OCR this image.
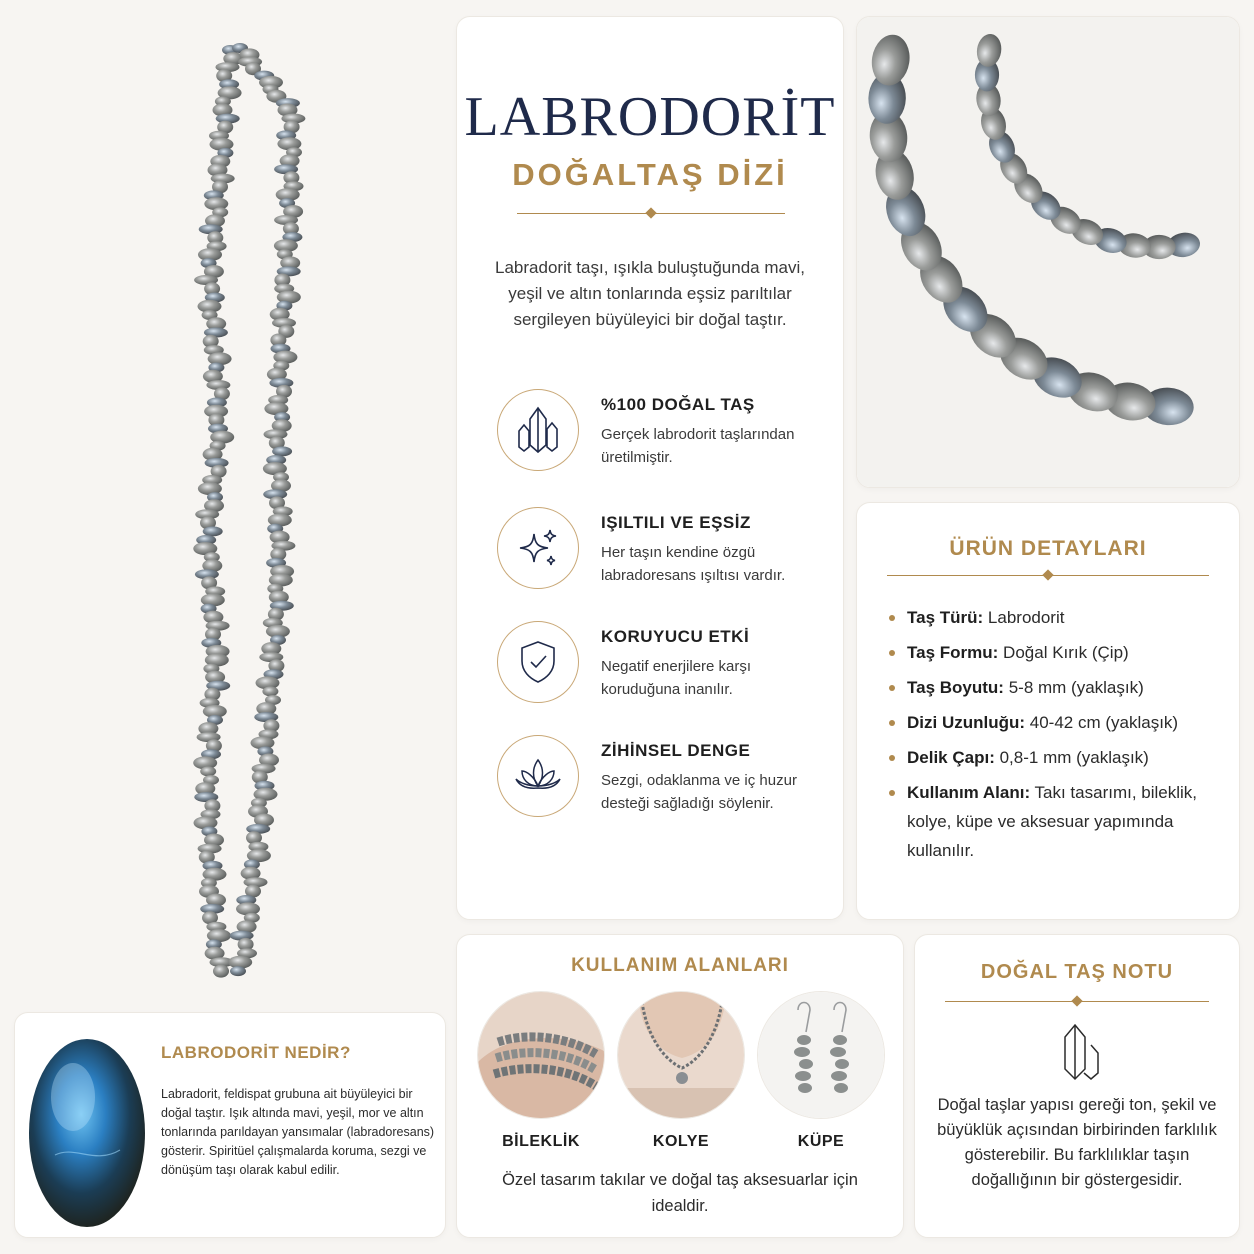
LABRODORİT
DOĞALTAŞ DİZİ
Labradorit taşı, ışıkla buluştuğunda mavi, yeşil ve altın tonlarında eşsiz parıltılar sergileyen büyüleyici bir doğal taştır.
%100 DOĞAL TAŞ
Gerçek labrodorit taşlarından üretilmiştir.
IŞILTILI VE EŞSİZ
Her taşın kendine özgü labradoresans ışıltısı vardır.
KORUYUCU ETKİ
Negatif enerjilere karşı koruduğuna inanılır.
ZİHİNSEL DENGE
Sezgi, odaklanma ve iç huzur desteği sağladığı söylenir.
ÜRÜN DETAYLARI
Taş Türü: Labrodorit
Taş Formu: Doğal Kırık (Çip)
Taş Boyutu: 5-8 mm (yaklaşık)
Dizi Uzunluğu: 40-42 cm (yaklaşık)
Delik Çapı: 0,8-1 mm (yaklaşık)
Kullanım Alanı: Takı tasarımı, bileklik, kolye, küpe ve aksesuar yapımında kullanılır.
LABRODORİT NEDİR?
Labradorit, feldispat grubuna ait büyüleyici bir doğal taştır. Işık altında mavi, yeşil, mor ve altın tonlarında parıldayan yansımalar (labradoresans) gösterir. Spiritüel çalışmalarda koruma, sezgi ve dönüşüm taşı olarak kabul edilir.
KULLANIM ALANLARI
BİLEKLİK	KOLYE	KÜPE
Özel tasarım takılar ve doğal taş aksesuarlar için idealdir.
DOĞAL TAŞ NOTU
Doğal taşlar yapısı gereği ton, şekil ve büyüklük açısından birbirinden farklılık gösterebilir. Bu farklılıklar taşın doğallığının bir göstergesidir.
